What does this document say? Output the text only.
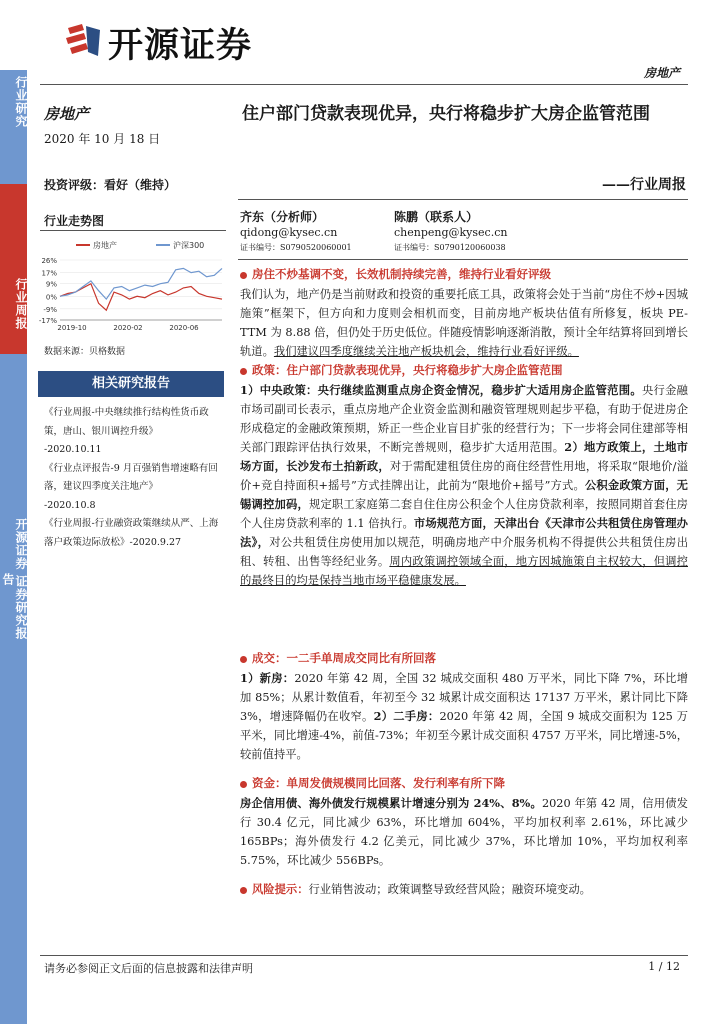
行业研究
行业周报
开源证券 证券研究报告
开源证券
房地产
房地产
2020 年 10 月 18 日
投资评级：看好（维持）
行业走势图
房地产	沪深300
26%
17%
9%
0%
-9%
-17%
2019-10	2020-02	2020-06
数据来源：贝格数据
相关研究报告
《行业周报-中央继续推行结构性货币政策，唐山、银川调控升级》
-2020.10.11
《行业点评报告-9 月百强销售增速略有回落，建议四季度关注地产》
-2020.10.8
《行业周报-行业融资政策继续从严、上海落户政策边际放松》-2020.9.27
住户部门贷款表现优异，央行将稳步扩大房企监管范围
——行业周报
齐东（分析师）
qidong@kysec.cn
证书编号：S0790520060001
陈鹏（联系人）
chenpeng@kysec.cn
证书编号：S0790120060038
房住不炒基调不变，长效机制持续完善，维持行业看好评级

我们认为，地产仍是当前财政和投资的重要托底工具，政策将会处于当前“房住不炒+因城施策”框架下，但方向和力度则会相机而变，目前房地产板块估值有所修复，板块 PE-TTM 为 8.88 倍，但仍处于历史低位。伴随疫情影响逐渐消散，预计全年结算将回到增长轨道。我们建议四季度继续关注地产板块机会，维持行业看好评级。

政策：住户部门贷款表现优异，央行将稳步扩大房企监管范围

1）中央政策：央行继续监测重点房企资金情况，稳步扩大适用房企监管范围。央行金融市场司副司长表示，重点房地产企业资金监测和融资管理规则起步平稳，有助于促进房企形成稳定的金融政策预期，矫正一些企业盲目扩张的经营行为；下一步将会同住建部等相关部门跟踪评估执行效果，不断完善规则，稳步扩大适用范围。2）地方政策上，土地市场方面，长沙发布土拍新政，对于需配建租赁住房的商住经营性用地，将采取“限地价/溢价+竞自持面积+摇号”方式挂牌出让，此前为“限地价+摇号”方式。公积金政策方面，无锡调控加码，规定职工家庭第二套自住住房公积金个人住房贷款利率，按照同期首套住房个人住房贷款利率的 1.1 倍执行。市场规范方面，天津出台《天津市公共租赁住房管理办法》，对公共租赁住房使用加以规范，明确房地产中介服务机构不得提供公共租赁住房出租、转租、出售等经纪业务。周内政策调控领域全面，地方因城施策自主权较大，但调控的最终目的均是保持当地市场平稳健康发展。

成交：一二手单周成交同比有所回落

1）新房：2020 年第 42 周，全国 32 城成交面积 480 万平米，同比下降 7%，环比增加 85%；从累计数值看，年初至今 32 城累计成交面积达 17137 万平米，累计同比下降 3%，增速降幅仍在收窄。2）二手房：2020 年第 42 周，全国 9 城成交面积为 125 万平米，同比增速-4%，前值-73%；年初至今累计成交面积 4757 万平米，同比增速-5%，较前值持平。

资金：单周发债规模同比回落、发行利率有所下降

房企信用债、海外债发行规模累计增速分别为 24%、8%。2020 年第 42 周，信用债发行 30.4 亿元，同比减少 63%，环比增加 604%，平均加权利率 2.61%，环比减少 165BPs；海外债发行 4.2 亿美元，同比减少 37%，环比增加 10%，平均加权利率 5.75%，环比减少 556BPs。

风险提示：行业销售波动；政策调整导致经营风险；融资环境变动。

请务必参阅正文后面的信息披露和法律声明	1 / 12
